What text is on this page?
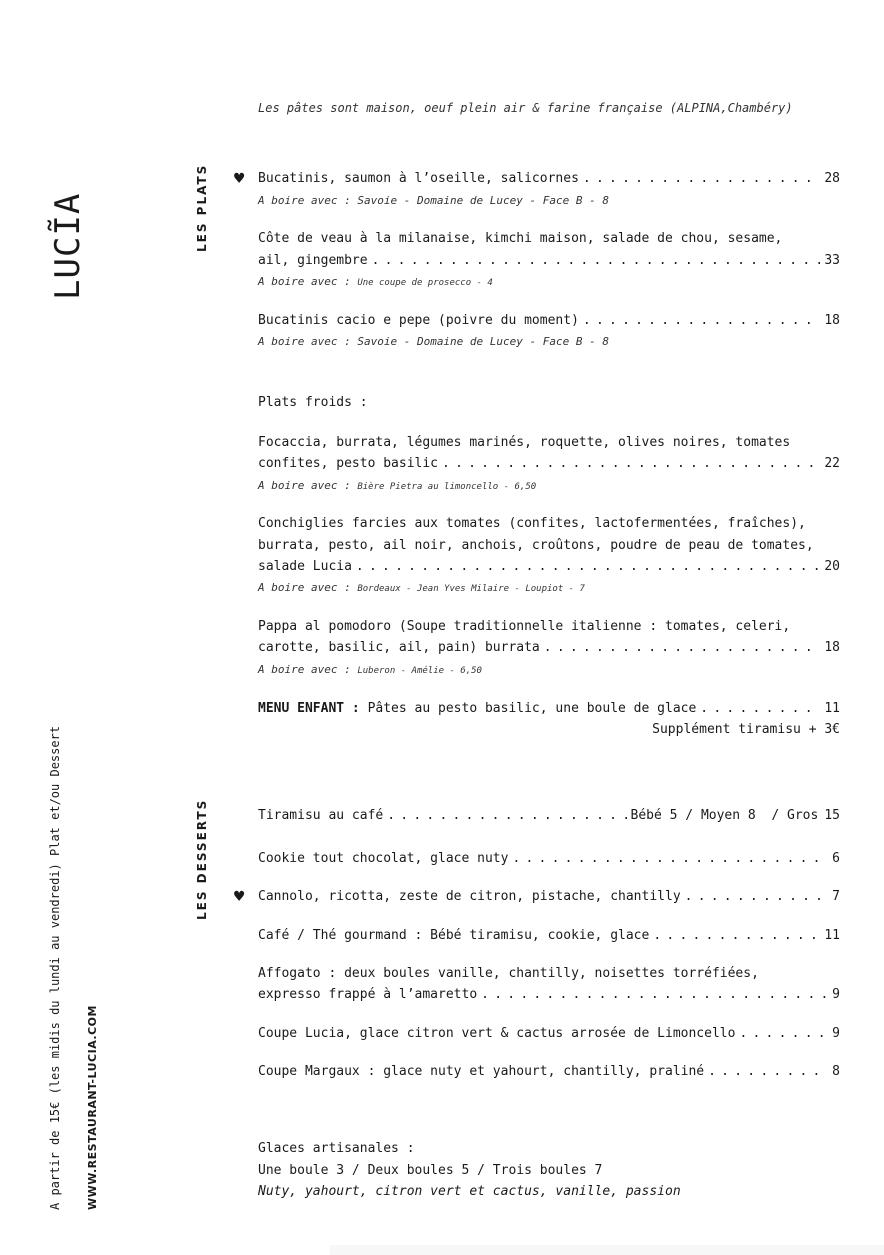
LUCĨA	LES PLATS
LES DESSERTS
A partir de 15€ (les midis du lundi au vendredi) Plat et/ou Dessert WWW.RESTAURANT-LUCIA.COM
Les pâtes sont maison, oeuf plein air & farine française (ALPINA,Chambéry)
♥ Bucatinis, saumon à l’oseille, salicornes . . .	28
A boire avec : Savoie - Domaine de Lucey - Face B - 8
Côte de veau à la milanaise, kimchi maison, salade de chou, sesame,
ail, gingembre . . .	33
A boire avec : Une coupe de prosecco - 4
Bucatinis cacio e pepe (poivre du moment) . . .	18
A boire avec : Savoie - Domaine de Lucey - Face B - 8
Plats froids :
Focaccia, burrata, légumes marinés, roquette, olives noires, tomates
confites, pesto basilic . . .	22
A boire avec : Bière Pietra au limoncello - 6,50
Conchiglies farcies aux tomates (confites, lactofermentées, fraîches),
burrata, pesto, ail noir, anchois, croûtons, poudre de peau de tomates,
salade Lucia . . .	20
A boire avec : Bordeaux - Jean Yves Milaire - Loupiot - 7
Pappa al pomodoro (Soupe traditionnelle italienne : tomates, celeri,
carotte, basilic, ail, pain) burrata . . .	18
A boire avec : Luberon - Amélie - 6,50
MENU ENFANT : Pâtes au pesto basilic, une boule de glace . . .	11
Supplément tiramisu + 3€
Tiramisu au café . . .	Bébé 5 / Moyen 8  / Gros 15
Cookie tout chocolat, glace nuty . . .	6
♥ Cannolo, ricotta, zeste de citron, pistache, chantilly . . .	7
Café / Thé gourmand : Bébé tiramisu, cookie, glace . . .	11
Affogato : deux boules vanille, chantilly, noisettes torréfiées,
expresso frappé à l’amaretto . . .	9
Coupe Lucia, glace citron vert & cactus arrosée de Limoncello . . .	9
Coupe Margaux : glace nuty et yahourt, chantilly, praliné . . .	8
Glaces artisanales :
Une boule 3 / Deux boules 5 / Trois boules 7
Nuty, yahourt, citron vert et cactus, vanille, passion
